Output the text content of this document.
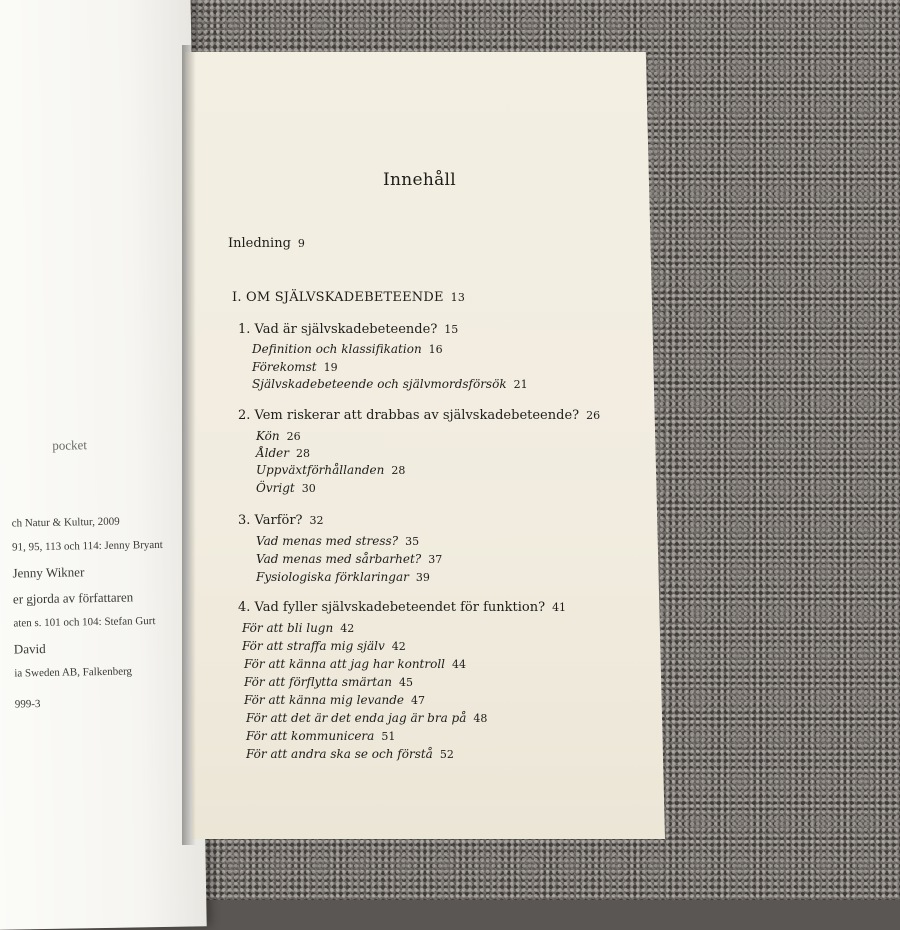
pocket
ch Natur & Kultur, 2009
91, 95, 113 och 114: Jenny Bryant
Jenny Wikner
er gjorda av författaren
aten s. 101 och 104: Stefan Gurt
David
ia Sweden AB, Falkenberg
999-3
Innehåll
Inledning 9
I. OM SJÄLVSKADEBETEENDE 13
1. Vad är självskadebeteende? 15
Definition och klassifikation 16
Förekomst 19
Självskadebeteende och självmordsförsök 21
2. Vem riskerar att drabbas av självskadebeteende? 26
Kön 26
Ålder 28
Uppväxtförhållanden 28
Övrigt 30
3. Varför? 32
Vad menas med stress? 35
Vad menas med sårbarhet? 37
Fysiologiska förklaringar 39
4. Vad fyller självskadebeteendet för funktion? 41
För att bli lugn 42
För att straffa mig själv 42
För att känna att jag har kontroll 44
För att förflytta smärtan 45
För att känna mig levande 47
För att det är det enda jag är bra på 48
För att kommunicera 51
För att andra ska se och förstå 52
